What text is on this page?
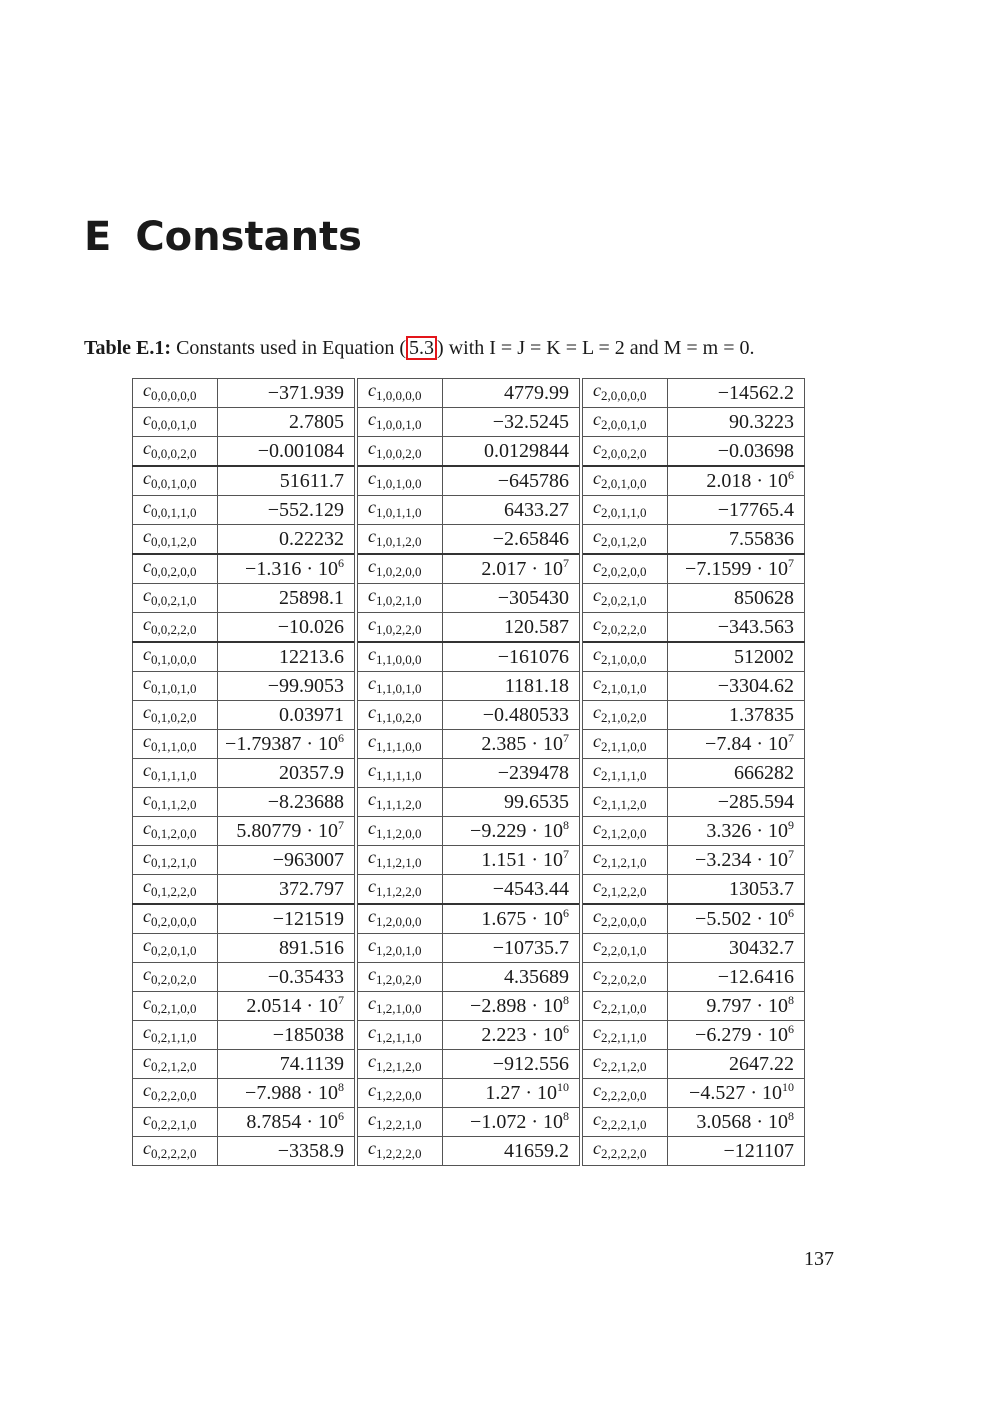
E Constants
Table E.1: Constants used in Equation ( 5.3 ) with I = J = K = L = 2 and M = m = 0.
$c_{0,0,0,0,0}$	−371.939	$c_{1,0,0,0,0}$	4779.99	$c_{2,0,0,0,0}$	−14562.2
$c_{0,0,0,1,0}$	2.7805	$c_{1,0,0,1,0}$	−32.5245	$c_{2,0,0,1,0}$	90.3223
$c_{0,0,0,2,0}$	−0.001084	$c_{1,0,0,2,0}$	0.0129844	$c_{2,0,0,2,0}$	−0.03698
$c_{0,0,1,0,0}$	51611.7	$c_{1,0,1,0,0}$	−645786	$c_{2,0,1,0,0}$	$2.018 \cdot 10^6$
$c_{0,0,1,1,0}$	−552.129	$c_{1,0,1,1,0}$	6433.27	$c_{2,0,1,1,0}$	−17765.4
$c_{0,0,1,2,0}$	0.22232	$c_{1,0,1,2,0}$	−2.65846	$c_{2,0,1,2,0}$	7.55836
$c_{0,0,2,0,0}$	$-1.316 \cdot 10^6$	$c_{1,0,2,0,0}$	$2.017 \cdot 10^7$	$c_{2,0,2,0,0}$	$-7.1599 \cdot 10^7$
$c_{0,0,2,1,0}$	25898.1	$c_{1,0,2,1,0}$	−305430	$c_{2,0,2,1,0}$	850628
$c_{0,0,2,2,0}$	−10.026	$c_{1,0,2,2,0}$	120.587	$c_{2,0,2,2,0}$	−343.563
$c_{0,1,0,0,0}$	12213.6	$c_{1,1,0,0,0}$	−161076	$c_{2,1,0,0,0}$	512002
$c_{0,1,0,1,0}$	−99.9053	$c_{1,1,0,1,0}$	1181.18	$c_{2,1,0,1,0}$	−3304.62
$c_{0,1,0,2,0}$	0.03971	$c_{1,1,0,2,0}$	−0.480533	$c_{2,1,0,2,0}$	1.37835
$c_{0,1,1,0,0}$	$-1.79387 \cdot 10^6$	$c_{1,1,1,0,0}$	$2.385 \cdot 10^7$	$c_{2,1,1,0,0}$	$-7.84 \cdot 10^7$
$c_{0,1,1,1,0}$	20357.9	$c_{1,1,1,1,0}$	−239478	$c_{2,1,1,1,0}$	666282
$c_{0,1,1,2,0}$	−8.23688	$c_{1,1,1,2,0}$	99.6535	$c_{2,1,1,2,0}$	−285.594
$c_{0,1,2,0,0}$	$5.80779 \cdot 10^7$	$c_{1,1,2,0,0}$	$-9.229 \cdot 10^8$	$c_{2,1,2,0,0}$	$3.326 \cdot 10^9$
$c_{0,1,2,1,0}$	−963007	$c_{1,1,2,1,0}$	$1.151 \cdot 10^7$	$c_{2,1,2,1,0}$	$-3.234 \cdot 10^7$
$c_{0,1,2,2,0}$	372.797	$c_{1,1,2,2,0}$	−4543.44	$c_{2,1,2,2,0}$	13053.7
$c_{0,2,0,0,0}$	−121519	$c_{1,2,0,0,0}$	$1.675 \cdot 10^6$	$c_{2,2,0,0,0}$	$-5.502 \cdot 10^6$
$c_{0,2,0,1,0}$	891.516	$c_{1,2,0,1,0}$	−10735.7	$c_{2,2,0,1,0}$	30432.7
$c_{0,2,0,2,0}$	−0.35433	$c_{1,2,0,2,0}$	4.35689	$c_{2,2,0,2,0}$	−12.6416
$c_{0,2,1,0,0}$	$2.0514 \cdot 10^7$	$c_{1,2,1,0,0}$	$-2.898 \cdot 10^8$	$c_{2,2,1,0,0}$	$9.797 \cdot 10^8$
$c_{0,2,1,1,0}$	−185038	$c_{1,2,1,1,0}$	$2.223 \cdot 10^6$	$c_{2,2,1,1,0}$	$-6.279 \cdot 10^6$
$c_{0,2,1,2,0}$	74.1139	$c_{1,2,1,2,0}$	−912.556	$c_{2,2,1,2,0}$	2647.22
$c_{0,2,2,0,0}$	$-7.988 \cdot 10^8$	$c_{1,2,2,0,0}$	$1.27 \cdot 10^{10}$	$c_{2,2,2,0,0}$	$-4.527 \cdot 10^{10}$
$c_{0,2,2,1,0}$	$8.7854 \cdot 10^6$	$c_{1,2,2,1,0}$	$-1.072 \cdot 10^8$	$c_{2,2,2,1,0}$	$3.0568 \cdot 10^8$
$c_{0,2,2,2,0}$	−3358.9	$c_{1,2,2,2,0}$	41659.2	$c_{2,2,2,2,0}$	−121107
137
